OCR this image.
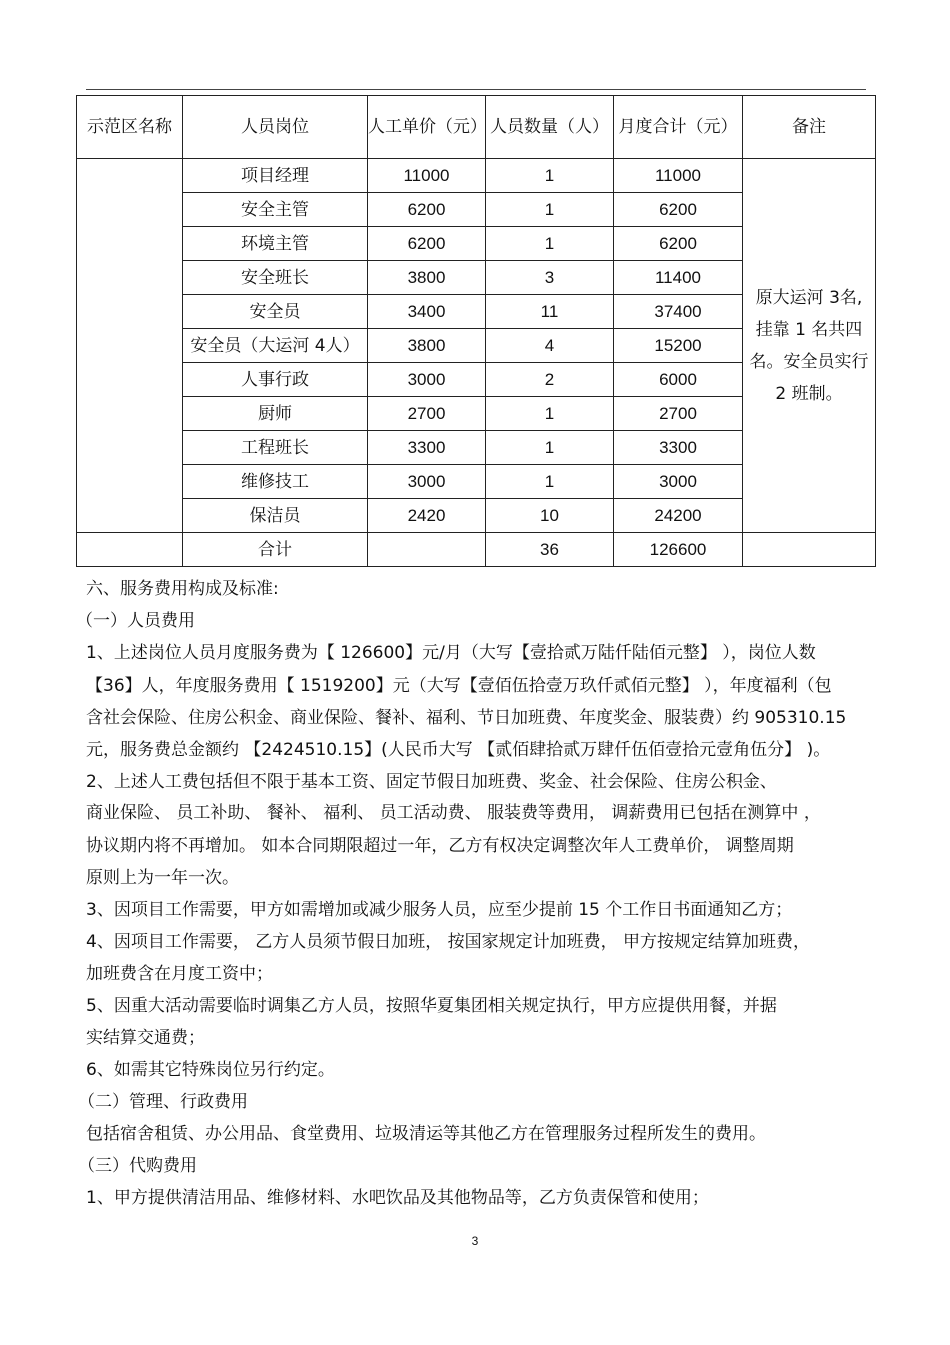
示范区名称	人员岗位	人工单价（元）	人员数量（人）	月度合计（元）	备注
	项目经理	11000	1	11000	原大运河 3名, 挂靠 1 名共四名。安全员实行 2 班制。
	安全主管	6200	1	6200	
	环境主管	6200	1	6200	
	安全班长	3800	3	11400	
	安全员	3400	11	37400	
	安全员（大运河 4人）	3800	4	15200	
	人事行政	3000	2	6000	
	厨师	2700	1	2700	
	工程班长	3300	1	3300	
	维修技工	3000	1	3000	
	保洁员	2420	10	24200	
	合计		36	126600	
六、服务费用构成及标准:
（一）人员费用
1、上述岗位人员月度服务费为【 126600】元/月（大写【壹拾贰万陆仟陆佰元整】 ），岗位人数
【36】人，年度服务费用【 1519200】元（大写【壹佰伍拾壹万玖仟贰佰元整】 ），年度福利（包
含社会保险、住房公积金、商业保险、餐补、福利、节日加班费、年度奖金、服装费）约 905310.15
元，服务费总金额约 【2424510.15】(人民币大写 【贰佰肆拾贰万肆仟伍佰壹拾元壹角伍分】 )。
2、上述人工费包括但不限于基本工资、固定节假日加班费、奖金、社会保险、住房公积金、
商业保险、 员工补助、 餐补、 福利、 员工活动费、 服装费等费用， 调薪费用已包括在测算中 ，
协议期内将不再增加。 如本合同期限超过一年，乙方有权决定调整次年人工费单价， 调整周期
原则上为一年一次。
3、因项目工作需要，甲方如需增加或减少服务人员，应至少提前 15 个工作日书面通知乙方；
4、因项目工作需要， 乙方人员须节假日加班， 按国家规定计加班费， 甲方按规定结算加班费，
加班费含在月度工资中；
5、因重大活动需要临时调集乙方人员，按照华夏集团相关规定执行，甲方应提供用餐，并据
实结算交通费；
6、如需其它特殊岗位另行约定。
（二）管理、行政费用
包括宿舍租赁、办公用品、食堂费用、垃圾清运等其他乙方在管理服务过程所发生的费用。
（三）代购费用
1、甲方提供清洁用品、维修材料、水吧饮品及其他物品等，乙方负责保管和使用；
3
